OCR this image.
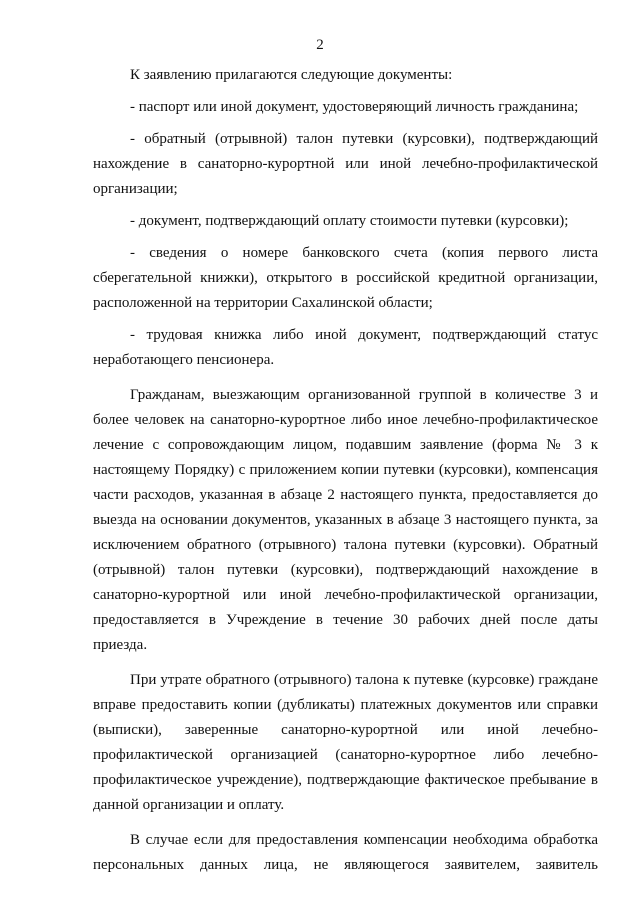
2

К заявлению прилагаются следующие документы:

- паспорт или иной документ, удостоверяющий личность гражданина;

- обратный (отрывной) талон путевки (курсовки), подтверждающий нахождение в санаторно-курортной или иной лечебно-профилактической организации;

- документ, подтверждающий оплату стоимости путевки (курсовки);

- сведения о номере банковского счета (копия первого листа сберегательной книжки), открытого в российской кредитной организации, расположенной на территории Сахалинской области;

- трудовая книжка либо иной документ, подтверждающий статус неработающего пенсионера.

Гражданам, выезжающим организованной группой в количестве 3 и более человек на санаторно-курортное либо иное лечебно-профилактическое лечение с сопровождающим лицом, подавшим заявление (форма № 3 к настоящему Порядку) с приложением копии путевки (курсовки), компенсация части расходов, указанная в абзаце 2 настоящего пункта, предоставляется до выезда на основании документов, указанных в абзаце 3 настоящего пункта, за исключением обратного (отрывного) талона путевки (курсовки). Обратный (отрывной) талон путевки (курсовки), подтверждающий нахождение в санаторно-курортной или иной лечебно-профилактической организации, предоставляется в Учреждение в течение 30 рабочих дней после даты приезда.

При утрате обратного (отрывного) талона к путевке (курсовке) граждане вправе предоставить копии (дубликаты) платежных документов или справки (выписки), заверенные санаторно-курортной или иной лечебно-профилактической организацией (санаторно-курортное либо лечебно-профилактическое учреждение), подтверждающие фактическое пребывание в данной организации и оплату.

В случае если для предоставления компенсации необходима обработка персональных данных лица, не являющегося заявителем, заявитель
